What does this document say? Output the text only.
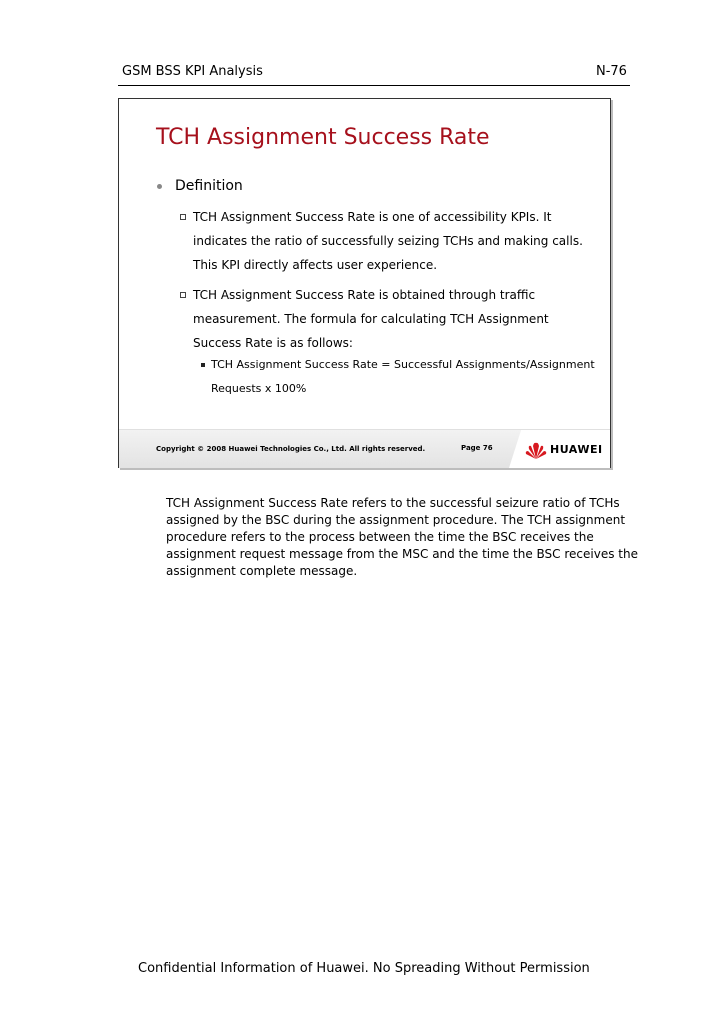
GSM BSS KPI Analysis	N-76
TCH Assignment Success Rate
Definition
TCH Assignment Success Rate is one of accessibility KPIs. It
indicates the ratio of successfully seizing TCHs and making calls.
This KPI directly affects user experience.
TCH Assignment Success Rate is obtained through traffic
measurement. The formula for calculating TCH Assignment
Success Rate is as follows:
TCH Assignment Success Rate = Successful Assignments/Assignment
Requests x 100%
Copyright © 2008 Huawei Technologies Co., Ltd. All rights reserved.	Page 76	HUAWEI
TCH Assignment Success Rate refers to the successful seizure ratio of TCHs
assigned by the BSC during the assignment procedure. The TCH assignment
procedure refers to the process between the time the BSC receives the
assignment request message from the MSC and the time the BSC receives the
assignment complete message.
Confidential Information of Huawei. No Spreading Without Permission
